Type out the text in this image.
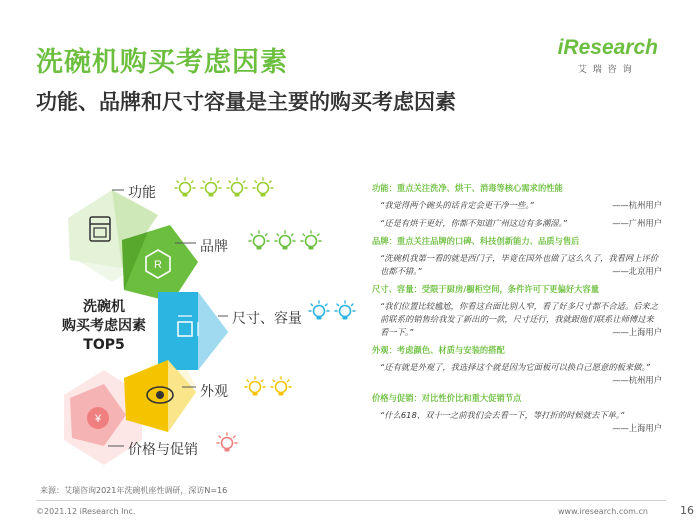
洗碗机购买考虑因素
功能、品牌和尺寸容量是主要的购买考虑因素
iResearch
艾瑞咨询
R
¥
洗碗机
购买考虑因素
TOP5
功能
品牌
尺寸、容量
外观
价格与促销
功能：重点关注洗净、烘干、消毒等核心需求的性能
“我觉得两个碗头的话肯定会更干净一些。”	——杭州用户
“还是有烘干更好，你都不知道广州这边有多潮湿。”	——广州用户
品牌：重点关注品牌的口碑、科技创新能力、品质与售后
“洗碗机我第一看的就是西门子，毕竟在国外也做了这么久了，我看网上评价也都不错。”	——北京用户
尺寸、容量：受限于厨房/橱柜空间，条件许可下更偏好大容量
“我们位置比较尴尬，你看这台面比别人窄，看了好多尺寸都不合适。后来之前联系的销售给我发了新出的一款，尺寸还行，我就跟他们联系让师傅过来看一下。”	——上海用户
外观：考虑颜色、材质与安装的搭配
“还有就是外观了，我选择这个就是因为它面板可以换自己愿意的板来做。”
——杭州用户
价格与促销：对比性价比和重大促销节点
“什么618、双十一之前我们会去看一下，等打折的时候就去下单。”
——上海用户
来源：艾瑞咨询2021年洗碗机座性调研，深访N=16
©2021.12 iResearch Inc.	www.iresearch.com.cn	16
